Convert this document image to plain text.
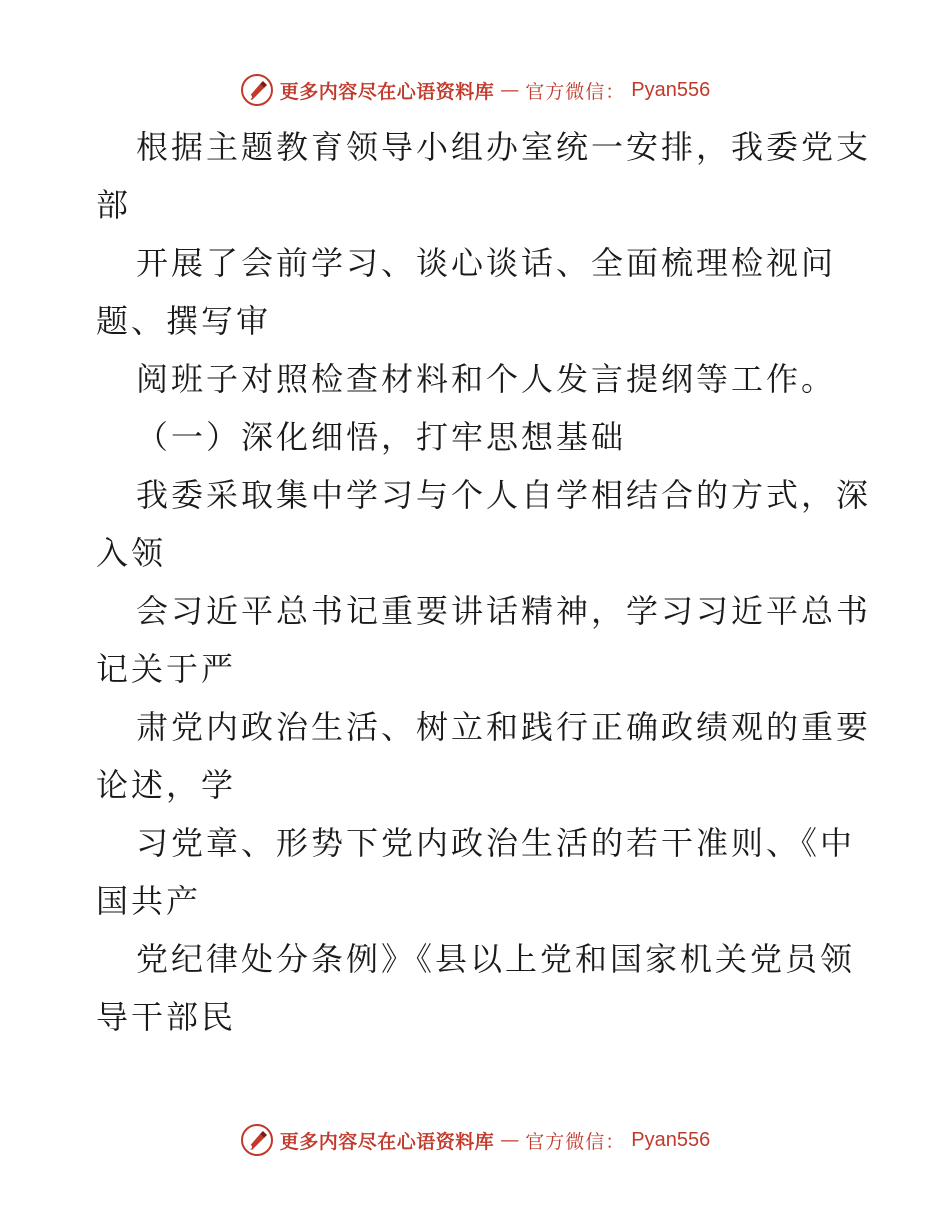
更多内容尽在心语资料库 — 官方微信： Pyan556
根据主题教育领导小组办室统一安排，我委党支
部
开展了会前学习、谈心谈话、全面梳理检视问
题、撰写审
阅班子对照检查材料和个人发言提纲等工作。
（一）深化细悟，打牢思想基础
我委采取集中学习与个人自学相结合的方式，深
入领
会习近平总书记重要讲话精神，学习习近平总书
记关于严
肃党内政治生活、树立和践行正确政绩观的重要
论述，学
习党章、形势下党内政治生活的若干准则、《中
国共产
党纪律处分条例》《县以上党和国家机关党员领
导干部民
更多内容尽在心语资料库 — 官方微信： Pyan556
